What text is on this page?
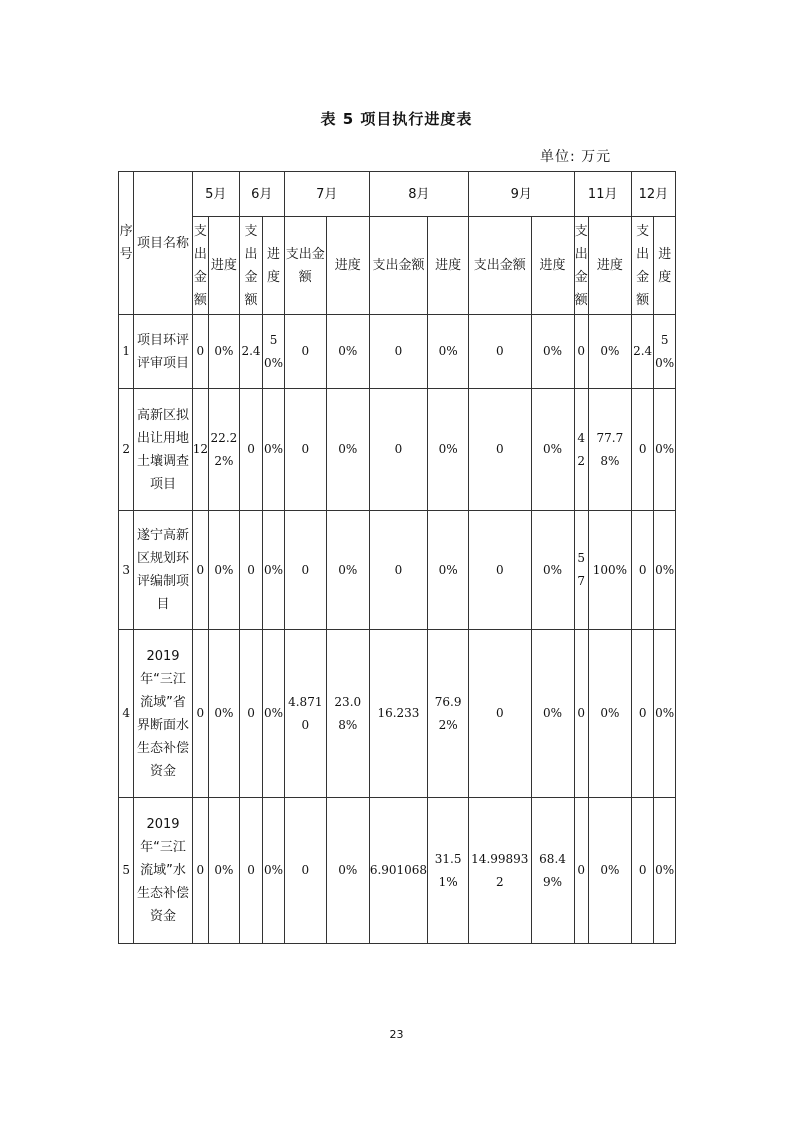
表 5 项目执行进度表
单位: 万元
序号	项目名称	5月		6月		7月		8月		9月		11月		12月	
		支出金额	进度	支出金额	进度	支出金额	进度	支出金额	进度	支出金额	进度	支出金额	进度	支出金额	进度
1	项目环评评审项目	0	0%	2.4	50%	0	0%	0	0%	0	0%	0	0%	2.4	50%
2	高新区拟出让用地土壤调查项目	12	22.22%	0	0%	0	0%	0	0%	0	0%	42	77.78%	0	0%
3	遂宁高新区规划环评编制项目	0	0%	0	0%	0	0%	0	0%	0	0%	57	100%	0	0%
4	2019年“三江流域”省界断面水生态补偿资金	0	0%	0	0%	4.8710	23.08%	16.233	76.92%	0	0%	0	0%	0	0%
5	2019年“三江流域”水生态补偿资金	0	0%	0	0%	0	0%	6.901068	31.51%	14.998932	68.49%	0	0%	0	0%
23
